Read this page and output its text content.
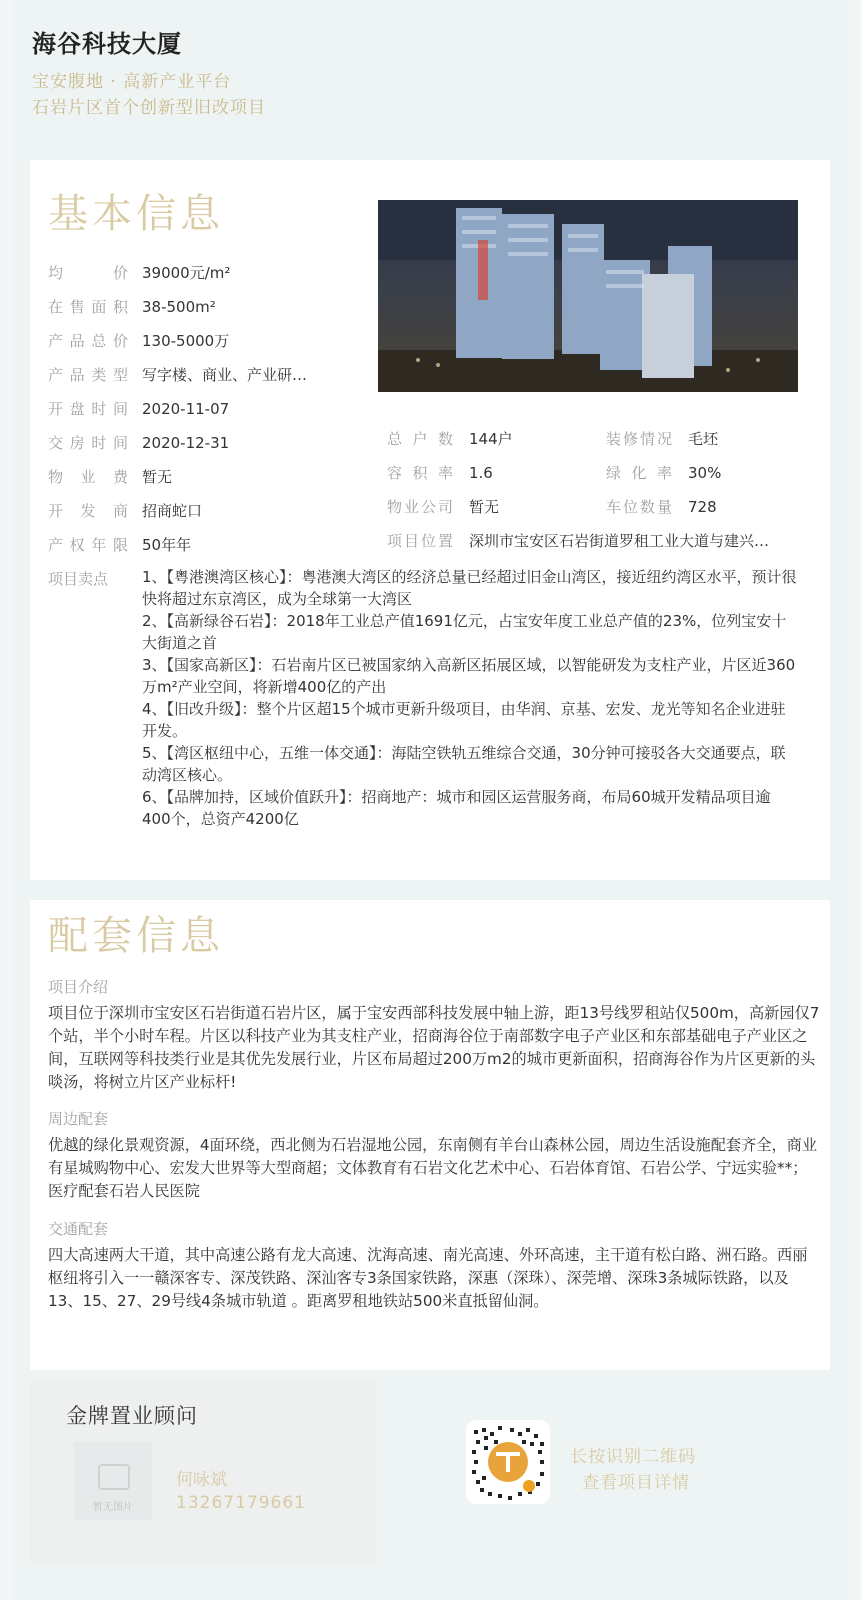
海谷科技大厦
宝安腹地 · 高新产业平台
石岩片区首个创新型旧改项目
基本信息
均价 39000元/m²
在售面积 38-500m²
产品总价 130-5000万
产品类型 写字楼、商业、产业研…
开盘时间 2020-11-07
交房时间 2020-12-31
物业费 暂无
开发商 招商蛇口
产权年限 50年年
总户数 144户	装修情况 毛坯
容积率 1.6	绿化率 30%
物业公司 暂无	车位数量 728
项目位置 深圳市宝安区石岩街道罗租工业大道与建兴…
项目卖点 1、【粤港澳湾区核心】：粤港澳大湾区的经济总量已经超过旧金山湾区，接近纽约湾区水平，预计很快将超过东京湾区，成为全球第一大湾区
2、【高新绿谷石岩】：2018年工业总产值1691亿元，占宝安年度工业总产值的23%，位列宝安十大街道之首
3、【国家高新区】：石岩南片区已被国家纳入高新区拓展区域，以智能研发为支柱产业，片区近360万m²产业空间，将新增400亿的产出
4、【旧改升级】：整个片区超15个城市更新升级项目，由华润、京基、宏发、龙光等知名企业进驻开发。
5、【湾区枢纽中心，五维一体交通】：海陆空铁轨五维综合交通，30分钟可接驳各大交通要点，联动湾区核心。
6、【品牌加持，区域价值跃升】：招商地产：城市和园区运营服务商，布局60城开发精品项目逾400个，总资产4200亿
配套信息
项目介绍
项目位于深圳市宝安区石岩街道石岩片区，属于宝安西部科技发展中轴上游，距13号线罗租站仅500m，高新园仅7个站，半个小时车程。片区以科技产业为其支柱产业，招商海谷位于南部数字电子产业区和东部基础电子产业区之间，互联网等科技类行业是其优先发展行业，片区布局超过200万m2的城市更新面积，招商海谷作为片区更新的头啖汤，将树立片区产业标杆!
周边配套
优越的绿化景观资源，4面环绕，西北侧为石岩湿地公园，东南侧有羊台山森林公园，周边生活设施配套齐全，商业有星城购物中心、宏发大世界等大型商超；文体教育有石岩文化艺术中心、石岩体育馆、石岩公学、宁远实验**；医疗配套石岩人民医院
交通配套
四大高速两大干道，其中高速公路有龙大高速、沈海高速、南光高速、外环高速，主干道有松白路、洲石路。西丽枢纽将引入一一赣深客专、深茂铁路、深汕客专3条国家铁路，深惠（深珠）、深莞增、深珠3条城际铁路，以及13、15、27、29号线4条城市轨道 。距离罗租地铁站500米直抵留仙洞。
金牌置业顾问
暂无图片
何咏斌
13267179661
长按识别二维码
查看项目详情
